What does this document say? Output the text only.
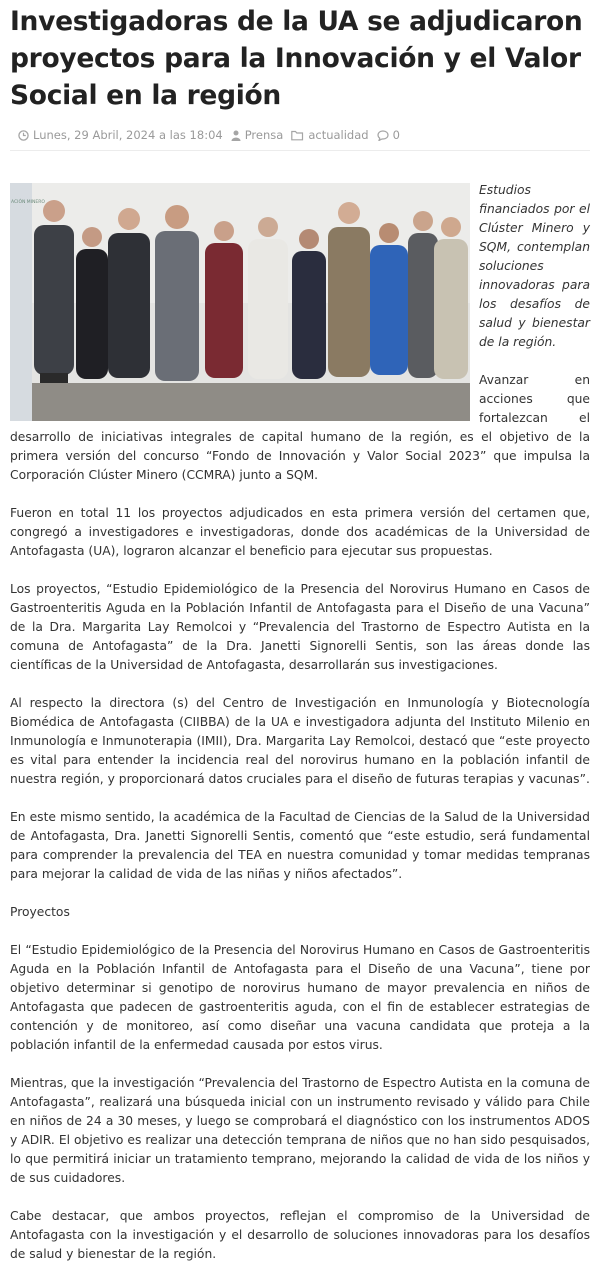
Investigadoras de la UA se adjudicaron proyectos para la Innovación y el Valor Social en la región
Lunes, 29 Abril, 2024 a las 18:04 Prensa actualidad 0
ACIÓN MINERO

Estudios financiados por el Clúster Minero y SQM, contemplan soluciones innovadoras para los desafíos de salud y bienestar de la región.

Avanzar en acciones que fortalezcan el desarrollo de iniciativas integrales de capital humano de la región, es el objetivo de la primera versión del concurso “Fondo de Innovación y Valor Social 2023” que impulsa la Corporación Clúster Minero (CCMRA) junto a SQM.

Fueron en total 11 los proyectos adjudicados en esta primera versión del certamen que, congregó a investigadores e investigadoras, donde dos académicas de la Universidad de Antofagasta (UA), lograron alcanzar el beneficio para ejecutar sus propuestas.

Los proyectos, “Estudio Epidemiológico de la Presencia del Norovirus Humano en Casos de Gastroenteritis Aguda en la Población Infantil de Antofagasta para el Diseño de una Vacuna” de la Dra. Margarita Lay Remolcoi y “Prevalencia del Trastorno de Espectro Autista en la comuna de Antofagasta” de la Dra. Janetti Signorelli Sentis, son las áreas donde las científicas de la Universidad de Antofagasta, desarrollarán sus investigaciones.

Al respecto la directora (s) del Centro de Investigación en Inmunología y Biotecnología Biomédica de Antofagasta (CIIBBA) de la UA e investigadora adjunta del Instituto Milenio en Inmunología e Inmunoterapia (IMII), Dra. Margarita Lay Remolcoi, destacó que “este proyecto es vital para entender la incidencia real del norovirus humano en la población infantil de nuestra región, y proporcionará datos cruciales para el diseño de futuras terapias y vacunas”.

En este mismo sentido, la académica de la Facultad de Ciencias de la Salud de la Universidad de Antofagasta, Dra. Janetti Signorelli Sentis, comentó que “este estudio, será fundamental para comprender la prevalencia del TEA en nuestra comunidad y tomar medidas tempranas para mejorar la calidad de vida de las niñas y niños afectados”.

Proyectos

El “Estudio Epidemiológico de la Presencia del Norovirus Humano en Casos de Gastroenteritis Aguda en la Población Infantil de Antofagasta para el Diseño de una Vacuna”, tiene por objetivo determinar si genotipo de norovirus humano de mayor prevalencia en niños de Antofagasta que padecen de gastroenteritis aguda, con el fin de establecer estrategias de contención y de monitoreo, así como diseñar una vacuna candidata que proteja a la población infantil de la enfermedad causada por estos virus.

Mientras, que la investigación “Prevalencia del Trastorno de Espectro Autista en la comuna de Antofagasta”, realizará una búsqueda inicial con un instrumento revisado y válido para Chile en niños de 24 a 30 meses, y luego se comprobará el diagnóstico con los instrumentos ADOS y ADIR. El objetivo es realizar una detección temprana de niños que no han sido pesquisados, lo que permitirá iniciar un tratamiento temprano, mejorando la calidad de vida de los niños y de sus cuidadores.

Cabe destacar, que ambos proyectos, reflejan el compromiso de la Universidad de Antofagasta con la investigación y el desarrollo de soluciones innovadoras para los desafíos de salud y bienestar de la región.
